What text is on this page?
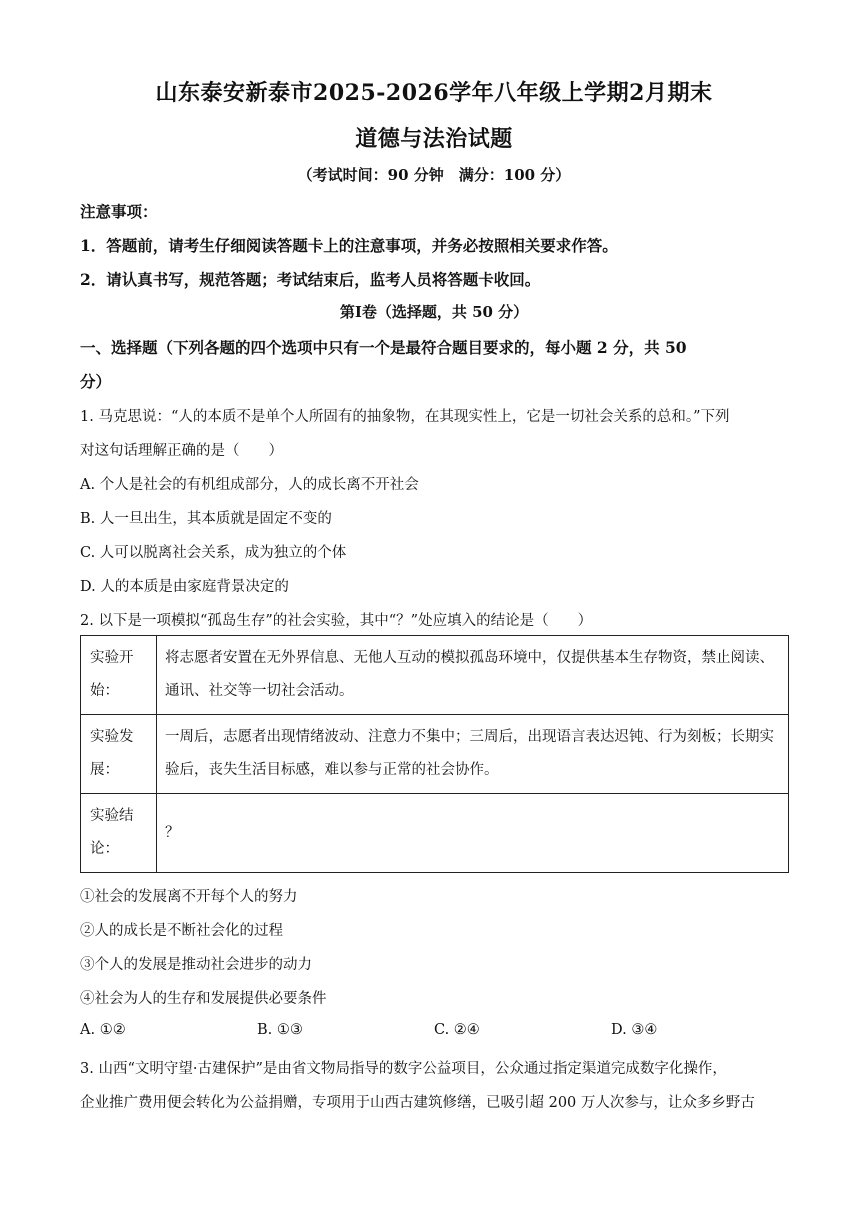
山东泰安新泰市2025-2026学年八年级上学期2月期末
道德与法治试题
（考试时间：90 分钟　满分：100 分）
注意事项：
1．答题前，请考生仔细阅读答题卡上的注意事项，并务必按照相关要求作答。
2．请认真书写，规范答题；考试结束后，监考人员将答题卡收回。
第Ⅰ卷（选择题，共 50 分）
一、选择题（下列各题的四个选项中只有一个是最符合题目要求的，每小题 2 分，共 50
分）
1. 马克思说：“人的本质不是单个人所固有的抽象物，在其现实性上，它是一切社会关系的总和。”下列
对这句话理解正确的是（　　）
A. 个人是社会的有机组成部分，人的成长离不开社会
B. 人一旦出生，其本质就是固定不变的
C. 人可以脱离社会关系，成为独立的个体
D. 人的本质是由家庭背景决定的
2. 以下是一项模拟“孤岛生存”的社会实验，其中“？”处应填入的结论是（　　）
实验开始：	将志愿者安置在无外界信息、无他人互动的模拟孤岛环境中，仅提供基本生存物资，禁止阅读、通讯、社交等一切社会活动。
实验发展：	一周后，志愿者出现情绪波动、注意力不集中；三周后，出现语言表达迟钝、行为刻板；长期实验后，丧失生活目标感，难以参与正常的社会协作。
实验结论：	？
①社会的发展离不开每个人的努力
②人的成长是不断社会化的过程
③个人的发展是推动社会进步的动力
④社会为人的生存和发展提供必要条件
A. ①②	B. ①③	C. ②④	D. ③④
3. 山西“文明守望·古建保护”是由省文物局指导的数字公益项目，公众通过指定渠道完成数字化操作，
企业推广费用便会转化为公益捐赠，专项用于山西古建筑修缮，已吸引超 200 万人次参与，让众多乡野古
